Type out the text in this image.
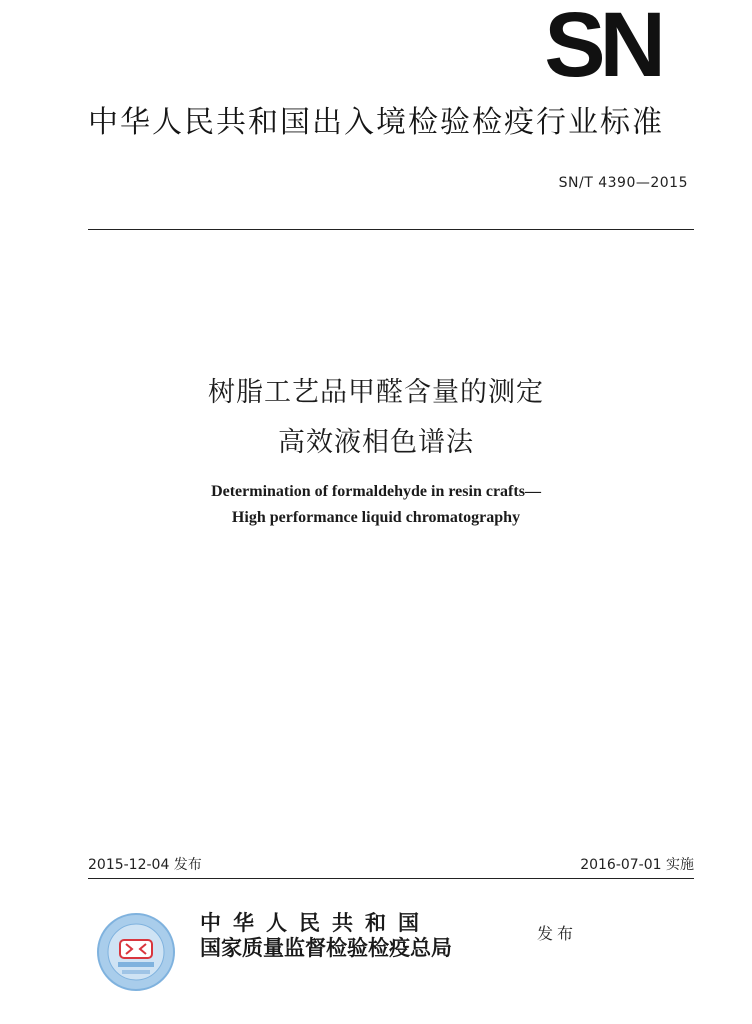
SN
中华人民共和国出入境检验检疫行业标准
SN/T 4390—2015
树脂工艺品甲醛含量的测定
高效液相色谱法
Determination of formaldehyde in resin crafts—
High performance liquid chromatography
2015-12-04 发布	2016-07-01 实施
中华人民共和国
国家质量监督检验检疫总局
发布
